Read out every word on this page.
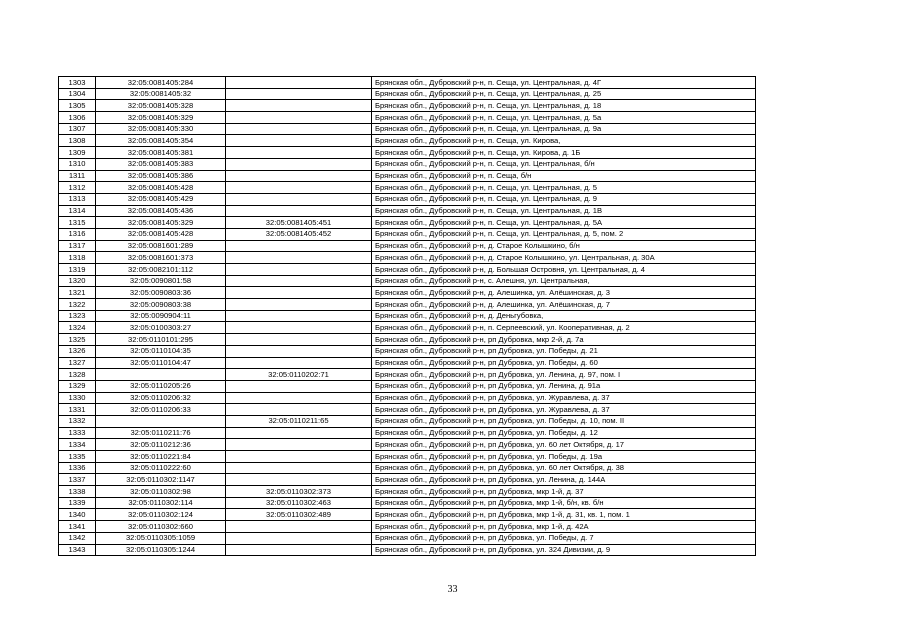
1303	32:05:0081405:284		Брянская обл., Дубровский р-н, п. Сеща, ул. Центральная, д. 4Г
1304	32:05:0081405:32		Брянская обл., Дубровский р-н, п. Сеща, ул. Центральная, д. 25
1305	32:05:0081405:328		Брянская обл., Дубровский р-н, п. Сеща, ул. Центральная, д. 18
1306	32:05:0081405:329		Брянская обл., Дубровский р-н, п. Сеща, ул. Центральная, д. 5а
1307	32:05:0081405:330		Брянская обл., Дубровский р-н, п. Сеща, ул. Центральная, д. 9а
1308	32:05:0081405:354		Брянская обл., Дубровский р-н, п. Сеща, ул. Кирова,
1309	32:05:0081405:381		Брянская обл., Дубровский р-н, п. Сеща, ул. Кирова, д. 1Б
1310	32:05:0081405:383		Брянская обл., Дубровский р-н, п. Сеща, ул. Центральная, б/н
1311	32:05:0081405:386		Брянская обл., Дубровский р-н, п. Сеща, б/н
1312	32:05:0081405:428		Брянская обл., Дубровский р-н, п. Сеща, ул. Центральная, д. 5
1313	32:05:0081405:429		Брянская обл., Дубровский р-н, п. Сеща, ул. Центральная, д. 9
1314	32:05:0081405:436		Брянская обл., Дубровский р-н, п. Сеща, ул. Центральная, д. 1В
1315	32:05:0081405:329	32:05:0081405:451	Брянская обл., Дубровский р-н, п. Сеща, ул. Центральная, д. 5А
1316	32:05:0081405:428	32:05:0081405:452	Брянская обл., Дубровский р-н, п. Сеща, ул. Центральная, д. 5, пом. 2
1317	32:05:0081601:289		Брянская обл., Дубровский р-н, д. Старое Колышкино, б/н
1318	32:05:0081601:373		Брянская обл., Дубровский р-н, д. Старое Колышкино, ул. Центральная, д. 30А
1319	32:05:0082101:112		Брянская обл., Дубровский р-н, д. Большая Островня, ул. Центральная, д. 4
1320	32:05:0090801:58		Брянская обл., Дубровский р-н, с. Алешня, ул. Центральная,
1321	32:05:0090803:36		Брянская обл., Дубровский р-н, д. Алешинка, ул. Алёшинская, д. 3
1322	32:05:0090803:38		Брянская обл., Дубровский р-н, д. Алешинка, ул. Алёшинская, д. 7
1323	32:05:0090904:11		Брянская обл., Дубровский р-н, д. Деньгубовка,
1324	32:05:0100303:27		Брянская обл., Дубровский р-н, п. Серпеевский, ул. Кооперативная, д. 2
1325	32:05:0110101:295		Брянская обл., Дубровский р-н, рп Дубровка, мкр 2-й, д. 7а
1326	32:05:0110104:35		Брянская обл., Дубровский р-н, рп Дубровка, ул. Победы, д. 21
1327	32:05:0110104:47		Брянская обл., Дубровский р-н, рп Дубровка, ул. Победы, д. 60
1328		32:05:0110202:71	Брянская обл., Дубровский р-н, рп Дубровка, ул. Ленина, д. 97, пом. I
1329	32:05:0110205:26		Брянская обл., Дубровский р-н, рп Дубровка, ул. Ленина, д. 91а
1330	32:05:0110206:32		Брянская обл., Дубровский р-н, рп Дубровка, ул. Журавлева, д. 37
1331	32:05:0110206:33		Брянская обл., Дубровский р-н, рп Дубровка, ул. Журавлева, д. 37
1332		32:05:0110211:65	Брянская обл., Дубровский р-н, рп Дубровка, ул. Победы, д. 10, пом. II
1333	32:05:0110211:76		Брянская обл., Дубровский р-н, рп Дубровка, ул. Победы, д. 12
1334	32:05:0110212:36		Брянская обл., Дубровский р-н, рп Дубровка, ул. 60 лет Октября, д. 17
1335	32:05:0110221:84		Брянская обл., Дубровский р-н, рп Дубровка, ул. Победы, д. 19а
1336	32:05:0110222:60		Брянская обл., Дубровский р-н, рп Дубровка, ул. 60 лет Октября, д. 38
1337	32:05:0110302:1147		Брянская обл., Дубровский р-н, рп Дубровка, ул. Ленина, д. 144А
1338	32:05:0110302:98	32:05:0110302:373	Брянская обл., Дубровский р-н, рп Дубровка, мкр 1-й, д. 37
1339	32:05:0110302:114	32:05:0110302:463	Брянская обл., Дубровский р-н, рп Дубровка, мкр 1-й, б/н, кв. б/н
1340	32:05:0110302:124	32:05:0110302:489	Брянская обл., Дубровский р-н, рп Дубровка, мкр 1-й, д. 31, кв. 1, пом. 1
1341	32:05:0110302:660		Брянская обл., Дубровский р-н, рп Дубровка, мкр 1-й, д. 42А
1342	32:05:0110305:1059		Брянская обл., Дубровский р-н, рп Дубровка, ул. Победы, д. 7
1343	32:05:0110305:1244		Брянская обл., Дубровский р-н, рп Дубровка, ул. 324 Дивизии, д. 9
33
